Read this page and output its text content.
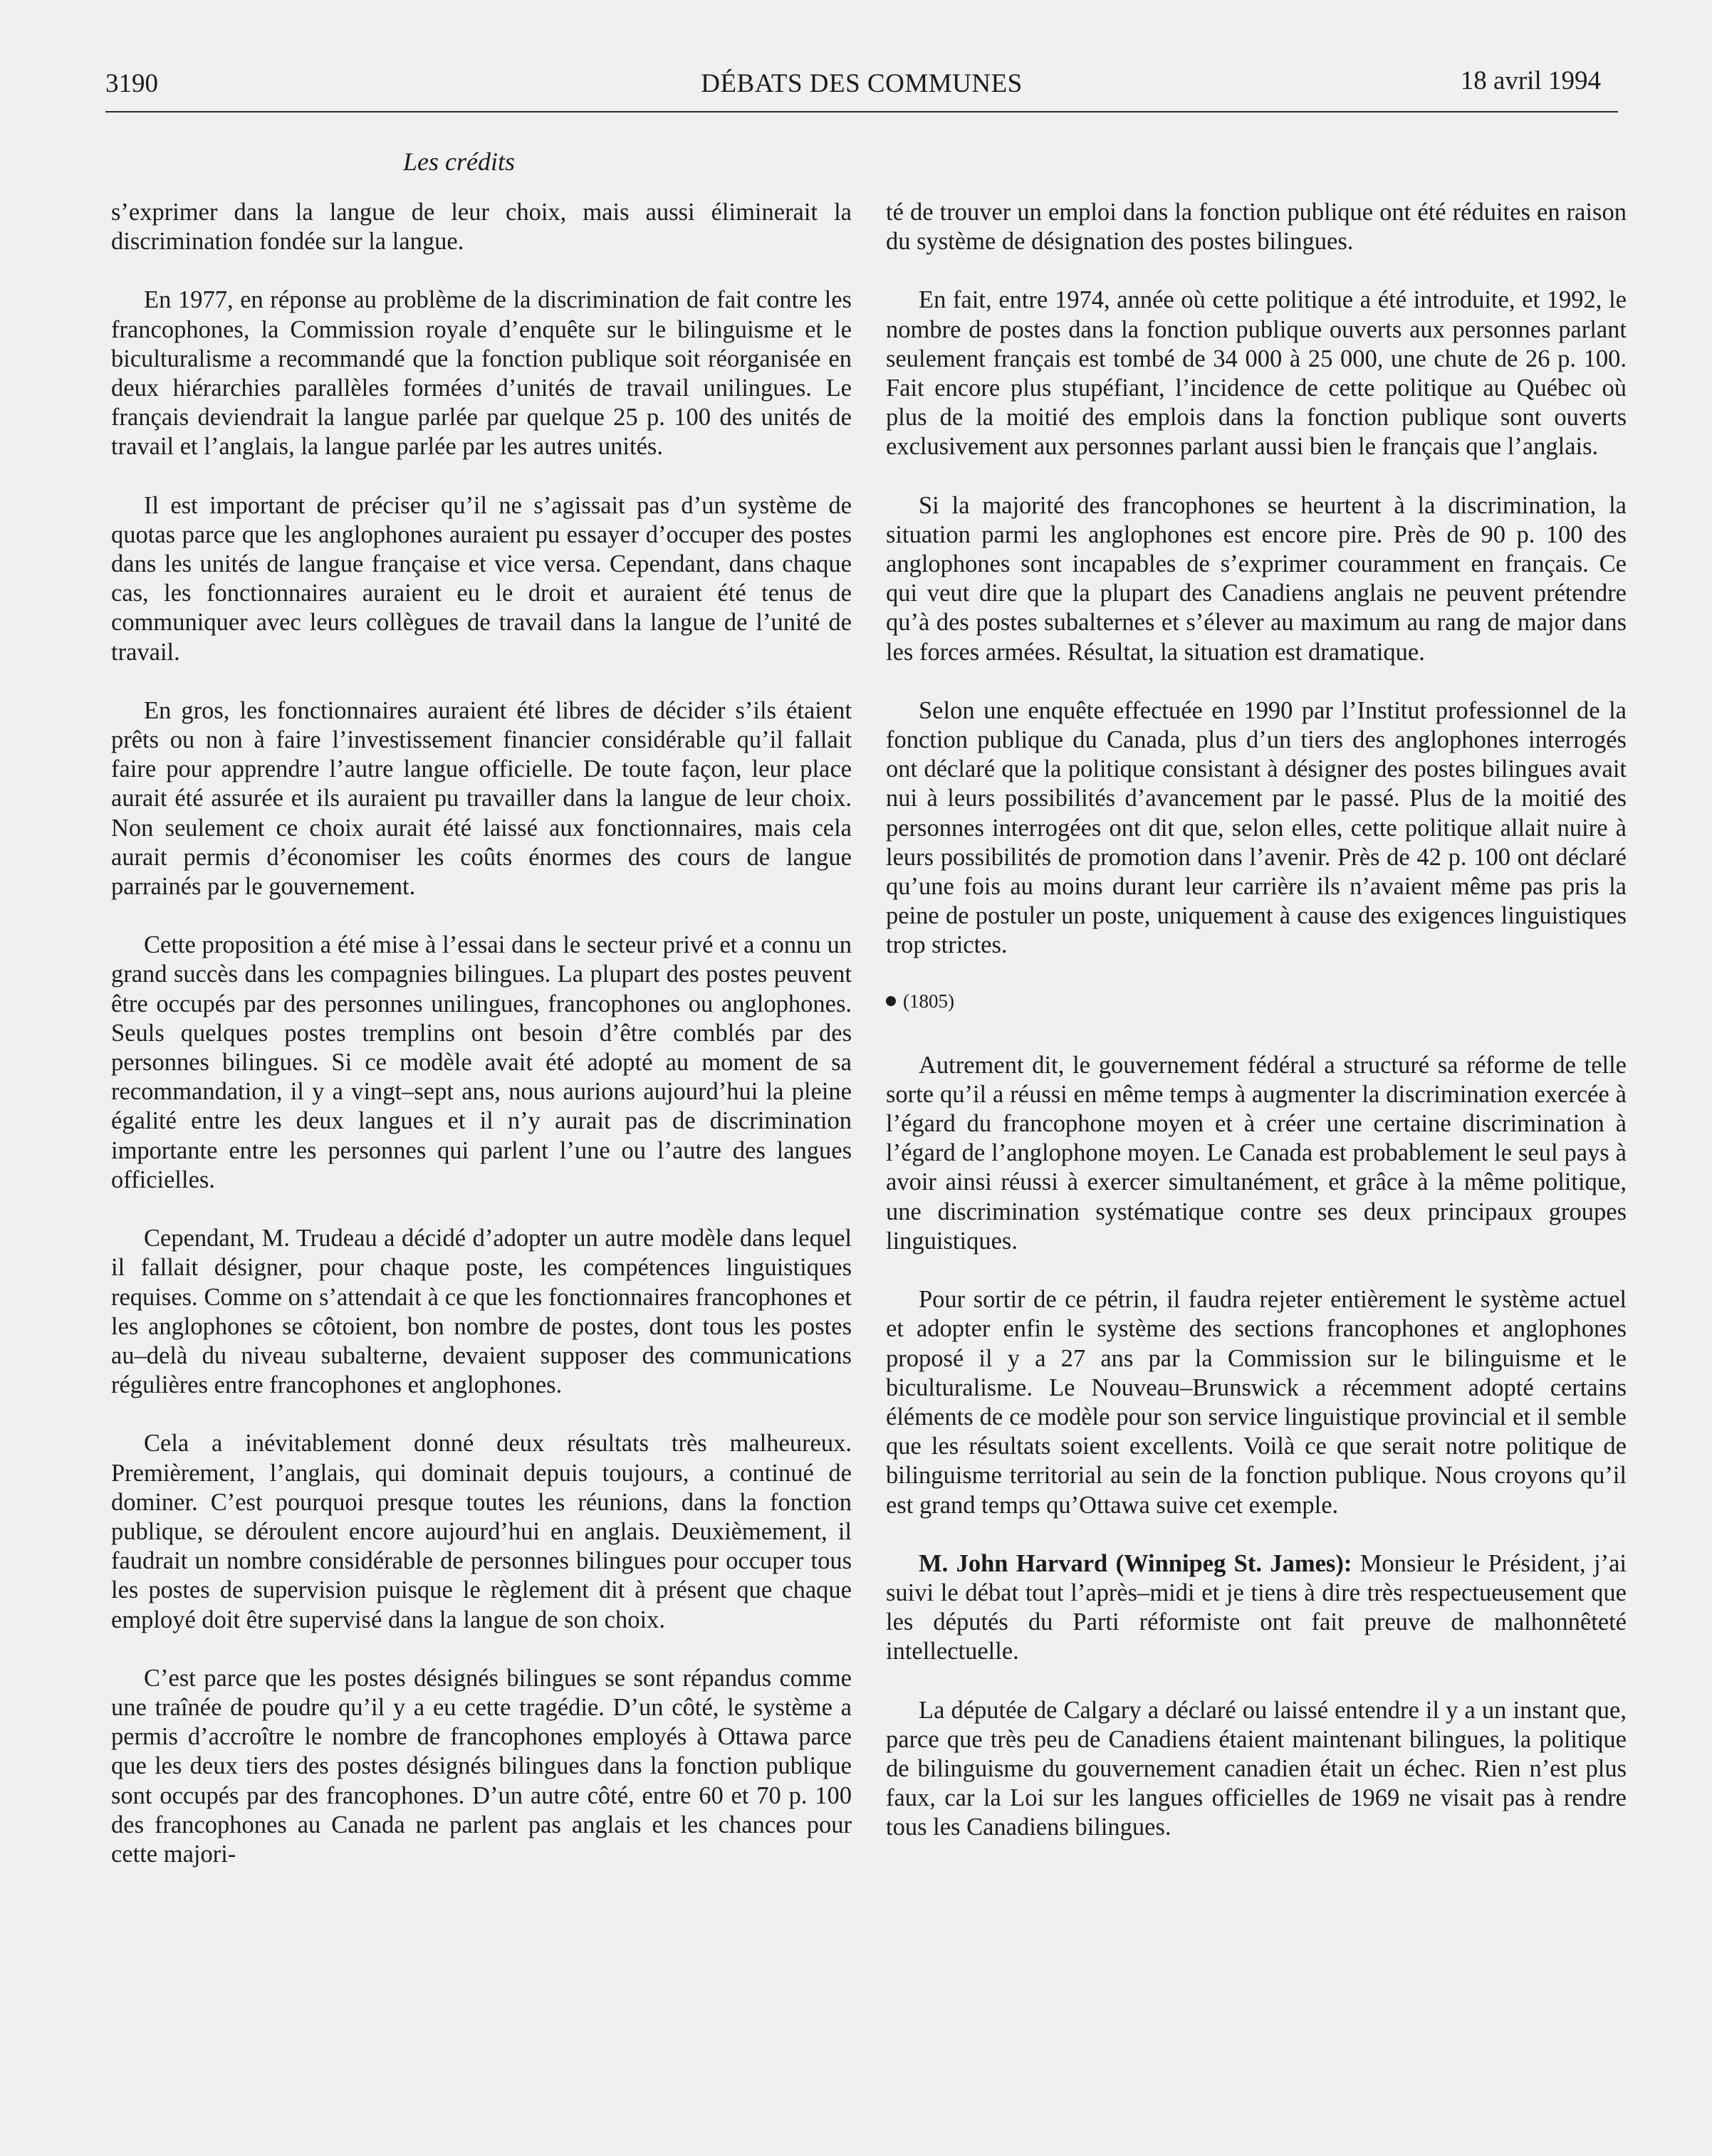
3190	DÉBATS DES COMMUNES	18 avril 1994
Les crédits

s’exprimer dans la langue de leur choix, mais aussi éliminerait la discrimination fondée sur la langue.

En 1977, en réponse au problème de la discrimination de fait contre les francophones, la Commission royale d’enquête sur le bilinguisme et le biculturalisme a recommandé que la fonction publique soit réorganisée en deux hiérarchies parallèles formées d’unités de travail unilingues. Le français deviendrait la langue parlée par quelque 25 p. 100 des unités de travail et l’anglais, la langue parlée par les autres unités.

Il est important de préciser qu’il ne s’agissait pas d’un système de quotas parce que les anglophones auraient pu essayer d’occuper des postes dans les unités de langue française et vice versa. Cependant, dans chaque cas, les fonctionnaires auraient eu le droit et auraient été tenus de communiquer avec leurs collègues de travail dans la langue de l’unité de travail.

En gros, les fonctionnaires auraient été libres de décider s’ils étaient prêts ou non à faire l’investissement financier considérable qu’il fallait faire pour apprendre l’autre langue officielle. De toute façon, leur place aurait été assurée et ils auraient pu travailler dans la langue de leur choix. Non seulement ce choix aurait été laissé aux fonctionnaires, mais cela aurait permis d’économiser les coûts énormes des cours de langue parrainés par le gouvernement.

Cette proposition a été mise à l’essai dans le secteur privé et a connu un grand succès dans les compagnies bilingues. La plupart des postes peuvent être occupés par des personnes unilingues, francophones ou anglophones. Seuls quelques postes tremplins ont besoin d’être comblés par des personnes bilingues. Si ce modèle avait été adopté au moment de sa recommandation, il y a vingt–sept ans, nous aurions aujourd’hui la pleine égalité entre les deux langues et il n’y aurait pas de discrimination importante entre les personnes qui parlent l’une ou l’autre des langues officielles.

Cependant, M. Trudeau a décidé d’adopter un autre modèle dans lequel il fallait désigner, pour chaque poste, les compétences linguistiques requises. Comme on s’attendait à ce que les fonctionnaires francophones et les anglophones se côtoient, bon nombre de postes, dont tous les postes au–delà du niveau subalterne, devaient supposer des communications régulières entre francophones et anglophones.

Cela a inévitablement donné deux résultats très malheureux. Premièrement, l’anglais, qui dominait depuis toujours, a continué de dominer. C’est pourquoi presque toutes les réunions, dans la fonction publique, se déroulent encore aujourd’hui en anglais. Deuxièmement, il faudrait un nombre considérable de personnes bilingues pour occuper tous les postes de supervision puisque le règlement dit à présent que chaque employé doit être supervisé dans la langue de son choix.

C’est parce que les postes désignés bilingues se sont répandus comme une traînée de poudre qu’il y a eu cette tragédie. D’un côté, le système a permis d’accroître le nombre de francophones employés à Ottawa parce que les deux tiers des postes désignés bilingues dans la fonction publique sont occupés par des francophones. D’un autre côté, entre 60 et 70 p. 100 des francophones au Canada ne parlent pas anglais et les chances pour cette majori-

té de trouver un emploi dans la fonction publique ont été réduites en raison du système de désignation des postes bilingues.

En fait, entre 1974, année où cette politique a été introduite, et 1992, le nombre de postes dans la fonction publique ouverts aux personnes parlant seulement français est tombé de 34 000 à 25 000, une chute de 26 p. 100. Fait encore plus stupéfiant, l’incidence de cette politique au Québec où plus de la moitié des emplois dans la fonction publique sont ouverts exclusivement aux personnes parlant aussi bien le français que l’anglais.

Si la majorité des francophones se heurtent à la discrimination, la situation parmi les anglophones est encore pire. Près de 90 p. 100 des anglophones sont incapables de s’exprimer couramment en français. Ce qui veut dire que la plupart des Canadiens anglais ne peuvent prétendre qu’à des postes subalternes et s’élever au maximum au rang de major dans les forces armées. Résultat, la situation est dramatique.

Selon une enquête effectuée en 1990 par l’Institut professionnel de la fonction publique du Canada, plus d’un tiers des anglophones interrogés ont déclaré que la politique consistant à désigner des postes bilingues avait nui à leurs possibilités d’avancement par le passé. Plus de la moitié des personnes interrogées ont dit que, selon elles, cette politique allait nuire à leurs possibilités de promotion dans l’avenir. Près de 42 p. 100 ont déclaré qu’une fois au moins durant leur carrière ils n’avaient même pas pris la peine de postuler un poste, uniquement à cause des exigences linguistiques trop strictes.

(1805)

Autrement dit, le gouvernement fédéral a structuré sa réforme de telle sorte qu’il a réussi en même temps à augmenter la discrimination exercée à l’égard du francophone moyen et à créer une certaine discrimination à l’égard de l’anglophone moyen. Le Canada est probablement le seul pays à avoir ainsi réussi à exercer simultanément, et grâce à la même politique, une discrimination systématique contre ses deux principaux groupes linguistiques.

Pour sortir de ce pétrin, il faudra rejeter entièrement le système actuel et adopter enfin le système des sections francophones et anglophones proposé il y a 27 ans par la Commission sur le bilinguisme et le biculturalisme. Le Nouveau–Brunswick a récemment adopté certains éléments de ce modèle pour son service linguistique provincial et il semble que les résultats soient excellents. Voilà ce que serait notre politique de bilinguisme territorial au sein de la fonction publique. Nous croyons qu’il est grand temps qu’Ottawa suive cet exemple.

M. John Harvard (Winnipeg St. James): Monsieur le Président, j’ai suivi le débat tout l’après–midi et je tiens à dire très respectueusement que les députés du Parti réformiste ont fait preuve de malhonnêteté intellectuelle.

La députée de Calgary a déclaré ou laissé entendre il y a un instant que, parce que très peu de Canadiens étaient maintenant bilingues, la politique de bilinguisme du gouvernement canadien était un échec. Rien n’est plus faux, car la Loi sur les langues officielles de 1969 ne visait pas à rendre tous les Canadiens bilingues.
